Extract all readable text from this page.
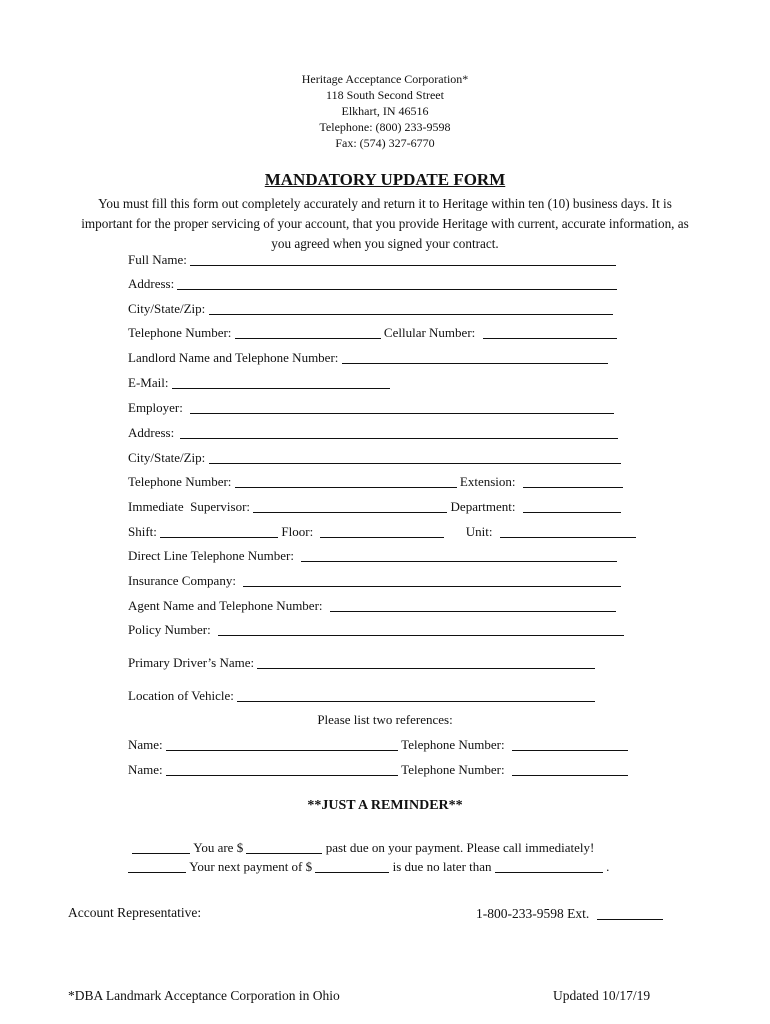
Heritage Acceptance Corporation*
118 South Second Street
Elkhart, IN 46516
Telephone: (800) 233-9598
Fax: (574) 327-6770
MANDATORY UPDATE FORM
You must fill this form out completely accurately and return it to Heritage within ten (10) business days. It is important for the proper servicing of your account, that you provide Heritage with current, accurate information, as you agreed when you signed your contract.
Full Name:
Address:
City/State/Zip:
Telephone Number:	Cellular Number:
Landlord Name and Telephone Number:
E-Mail:
Employer:
Address:
City/State/Zip:
Telephone Number:	Extension:
Immediate  Supervisor:	Department:
Shift:	Floor:	Unit:
Direct Line Telephone Number:
Insurance Company:
Agent Name and Telephone Number:
Policy Number:
Primary Driver’s Name:
Location of Vehicle:
Please list two references:
Name:	Telephone Number:
Name:	Telephone Number:
**JUST A REMINDER**
You are $	past due on your payment. Please call immediately!
Your next payment of $	is due no later than	.
Account Representative:	1-800-233-9598 Ext.
*DBA Landmark Acceptance Corporation in Ohio	Updated 10/17/19
